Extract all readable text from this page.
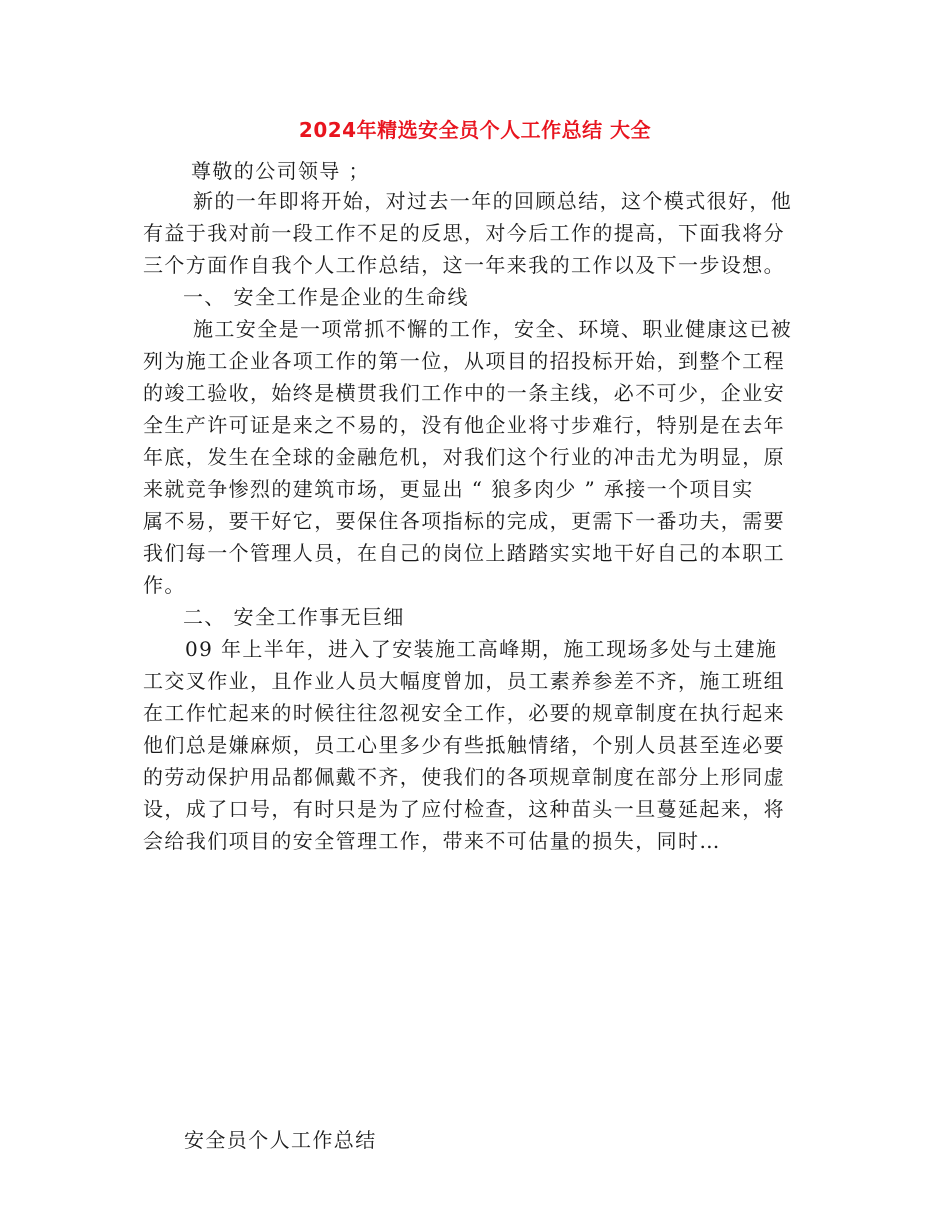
2024年精选安全员个人工作总结 大全
尊敬的公司领导 ；
新的一年即将开始，对过去一年的回顾总结，这个模式很好，他
有益于我对前一段工作不足的反思，对今后工作的提高，下面我将分
三个方面作自我个人工作总结，这一年来我的工作以及下一步设想。
一、 安全工作是企业的生命线
施工安全是一项常抓不懈的工作，安全、环境、职业健康这已被
列为施工企业各项工作的第一位，从项目的招投标开始，到整个工程
的竣工验收，始终是横贯我们工作中的一条主线，必不可少，企业安
全生产许可证是来之不易的，没有他企业将寸步难行，特别是在去年
年底，发生在全球的金融危机，对我们这个行业的冲击尤为明显，原
来就竞争惨烈的建筑市场，更显出 “ 狼多肉少 ” 承接一个项目实
属不易，要干好它，要保住各项指标的完成，更需下一番功夫，需要
我们每一个管理人员，在自己的岗位上踏踏实实地干好自己的本职工
作。
二、 安全工作事无巨细
09 年上半年，进入了安装施工高峰期，施工现场多处与土建施
工交叉作业，且作业人员大幅度曾加，员工素养参差不齐，施工班组
在工作忙起来的时候往往忽视安全工作，必要的规章制度在执行起来
他们总是嫌麻烦，员工心里多少有些抵触情绪，个别人员甚至连必要
的劳动保护用品都佩戴不齐，使我们的各项规章制度在部分上形同虚
设，成了口号，有时只是为了应付检查，这种苗头一旦蔓延起来，将
会给我们项目的安全管理工作，带来不可估量的损失，同时…
安全员个人工作总结
